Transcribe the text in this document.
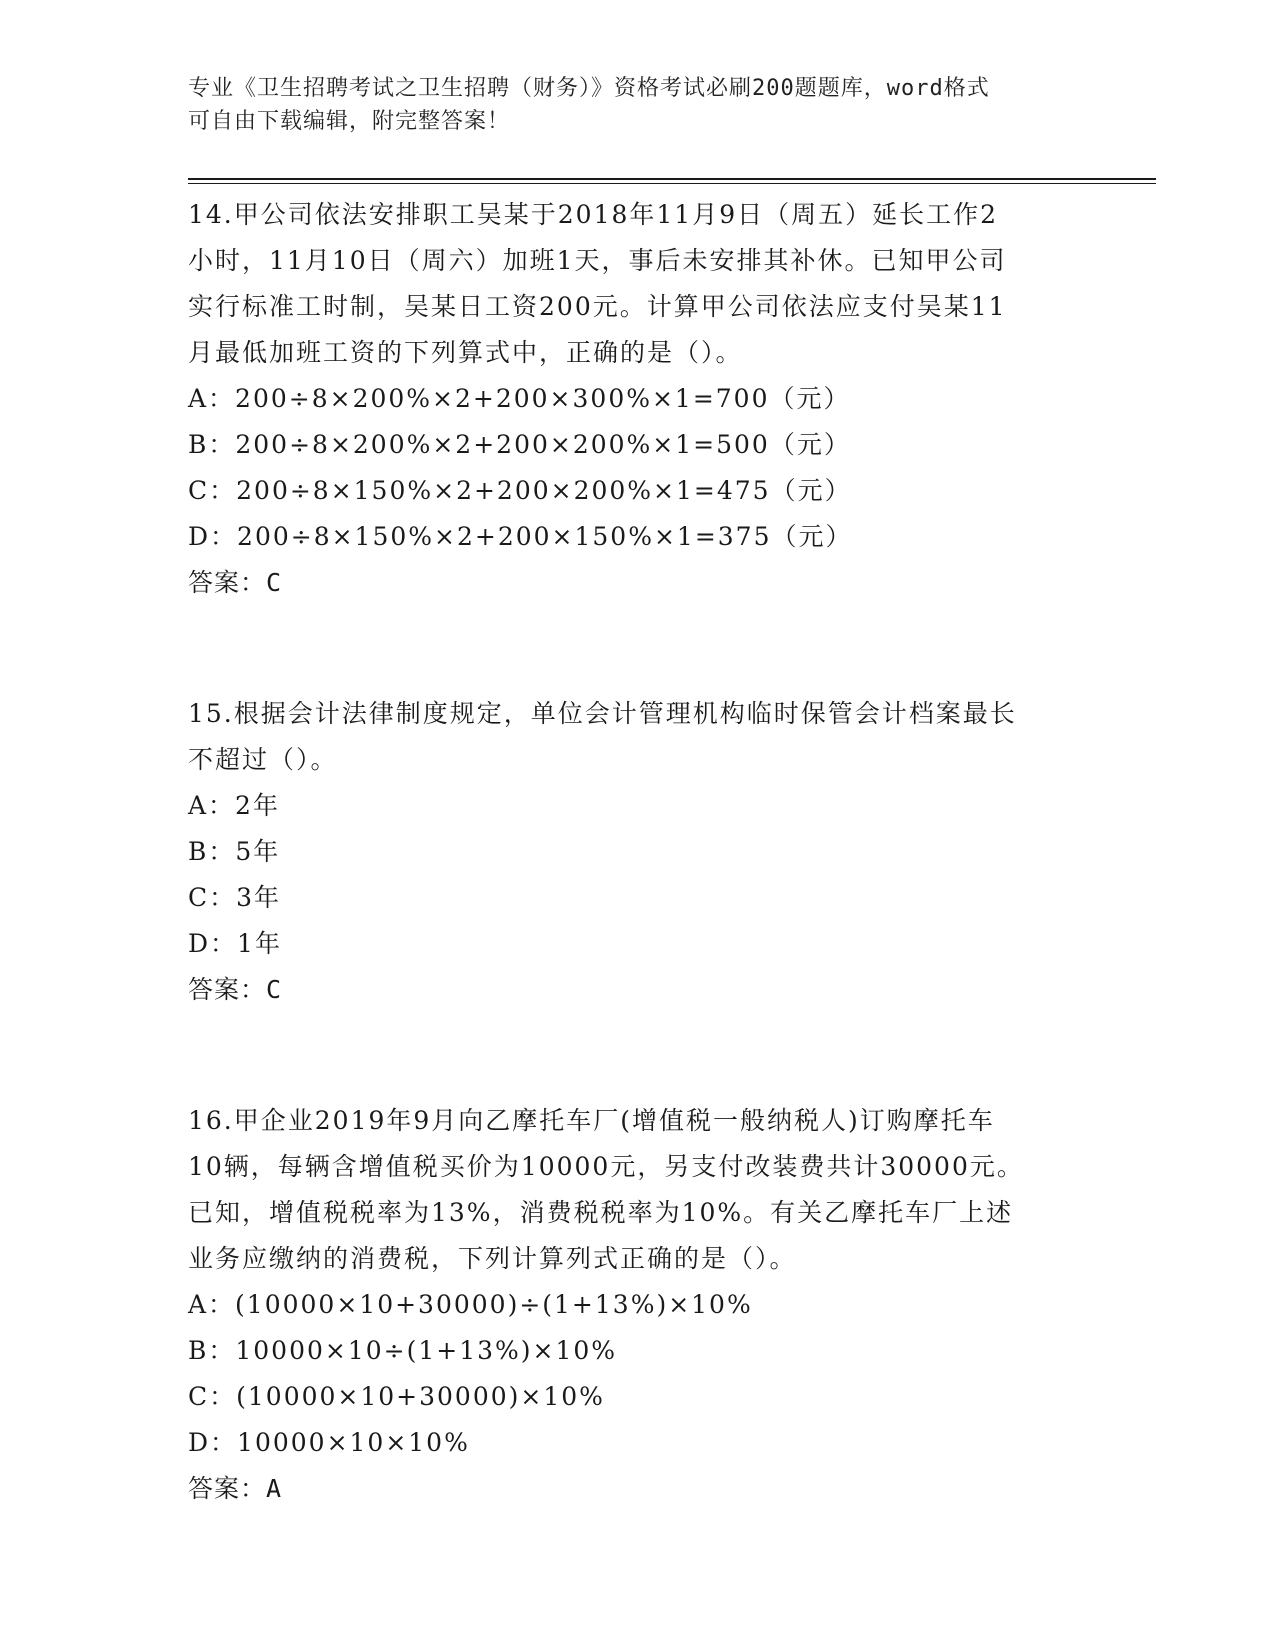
专业《卫生招聘考试之卫生招聘（财务）》资格考试必刷200题题库，word格式
可自由下载编辑，附完整答案！
14.甲公司依法安排职工吴某于2018年11月9日（周五）延长工作2
小时，11月10日（周六）加班1天，事后未安排其补休。已知甲公司
实行标准工时制，吴某日工资200元。计算甲公司依法应支付吴某11
月最低加班工资的下列算式中，正确的是（）。
A：200÷8×200%×2+200×300%×1=700（元）
B：200÷8×200%×2+200×200%×1=500（元）
C：200÷8×150%×2+200×200%×1=475（元）
D：200÷8×150%×2+200×150%×1=375（元）
答案：C
15.根据会计法律制度规定，单位会计管理机构临时保管会计档案最长
不超过（）。
A：2年
B：5年
C：3年
D：1年
答案：C
16.甲企业2019年9月向乙摩托车厂(增值税一般纳税人)订购摩托车
10辆，每辆含增值税买价为10000元，另支付改装费共计30000元。
已知，增值税税率为13%，消费税税率为10%。有关乙摩托车厂上述
业务应缴纳的消费税，下列计算列式正确的是（）。
A：(10000×10+30000)÷(1+13%)×10%
B：10000×10÷(1+13%)×10%
C：(10000×10+30000)×10%
D：10000×10×10%
答案：A
